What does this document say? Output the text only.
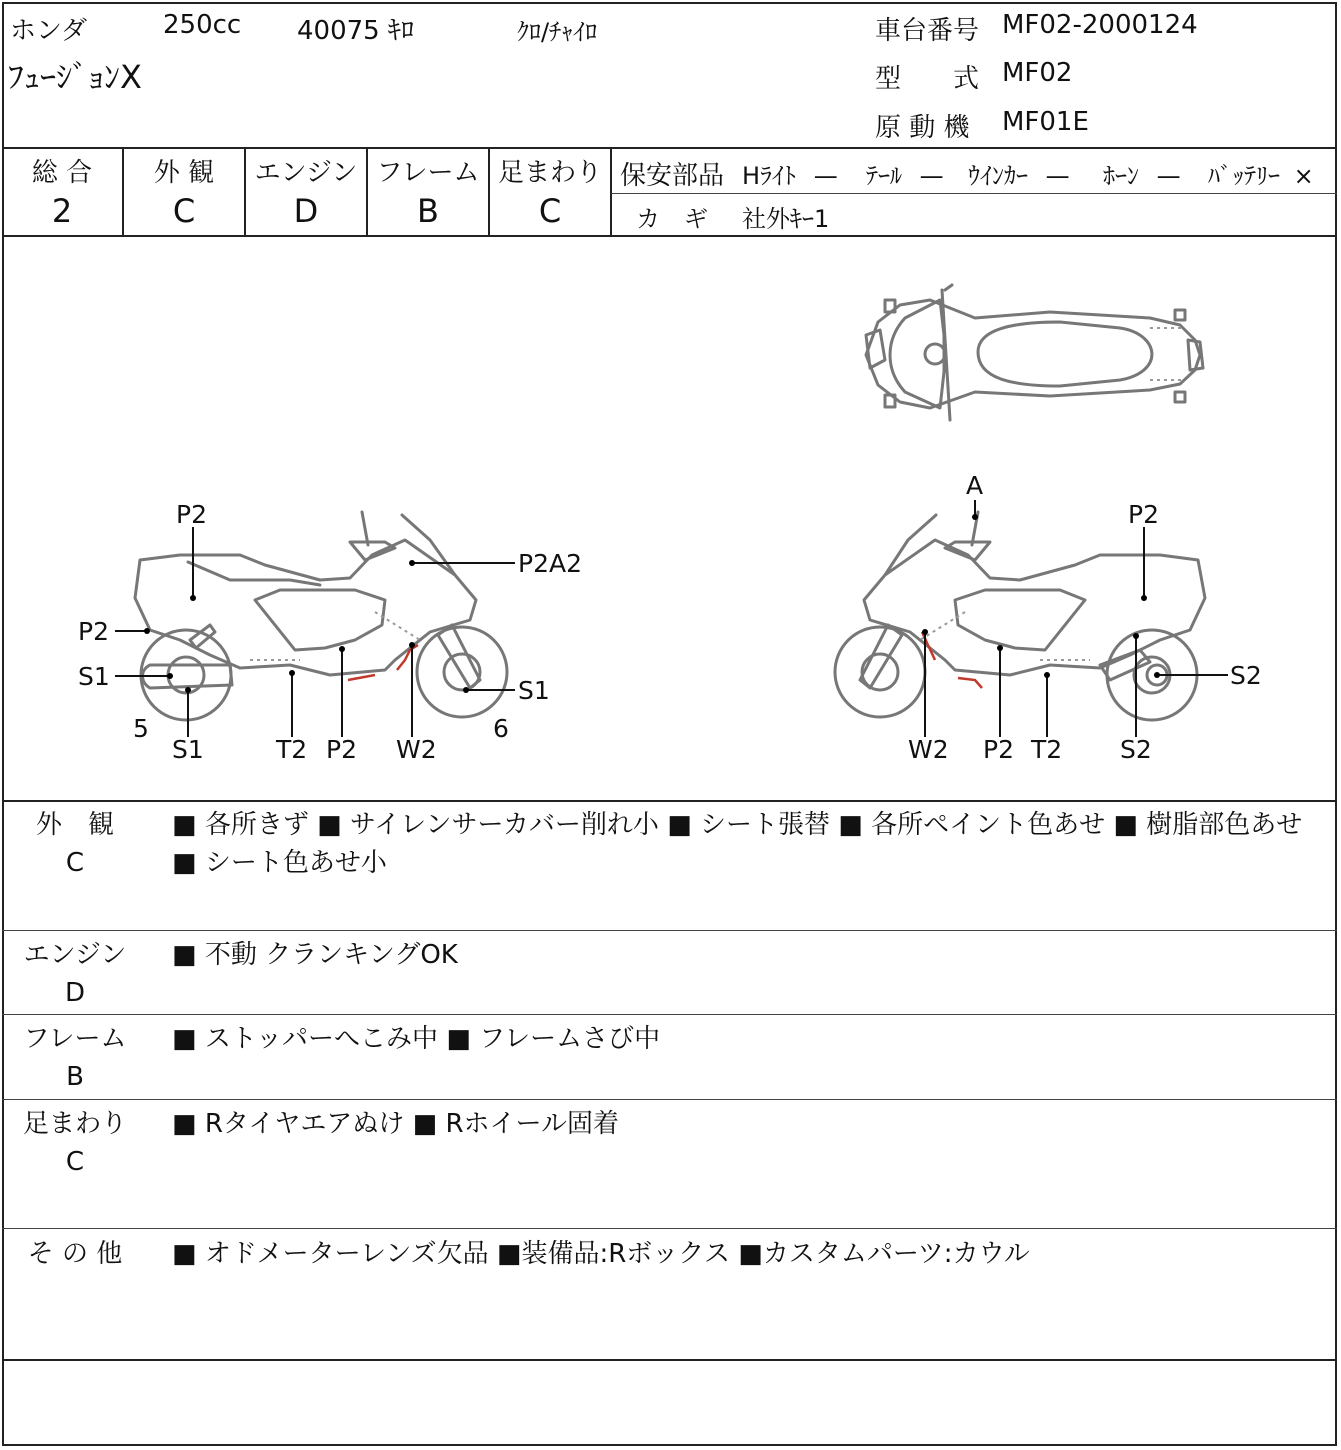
ホンダ	250cc 40075 ｷﾛ	ｸﾛ/ﾁｬｲﾛ
ﾌｭｰｼﾞｮﾝX
車台番号 MF02-2000124
型　　式 MF02
原 動 機 MF01E
総 合
2
外 観
C
エンジン
D
フレーム
B
足まわり
C
保安部品 Hﾗｲﾄ — ﾃｰﾙ — ｳｲﾝｶｰ — ﾎｰﾝ — ﾊﾞｯﾃﾘｰ ×
カ　ギ 社外ｷｰ1
P2
P2A2
P2
S1	S1
5
S1	T2 P2 W2
6
A
P2
S2
W2 P2 T2 S2
外　観
C
■ 各所きず ■ サイレンサーカバー削れ小 ■ シート張替 ■ 各所ペイント色あせ ■ 樹脂部色あせ ■ シート色あせ小
エンジン
D
■ 不動 クランキングOK
フレーム
B
■ ストッパーへこみ中 ■ フレームさび中
足まわり
C
■ Rタイヤエアぬけ ■ Rホイール固着
そ の 他 ■ オドメーターレンズ欠品 ■装備品:Rボックス ■カスタムパーツ:カウル
